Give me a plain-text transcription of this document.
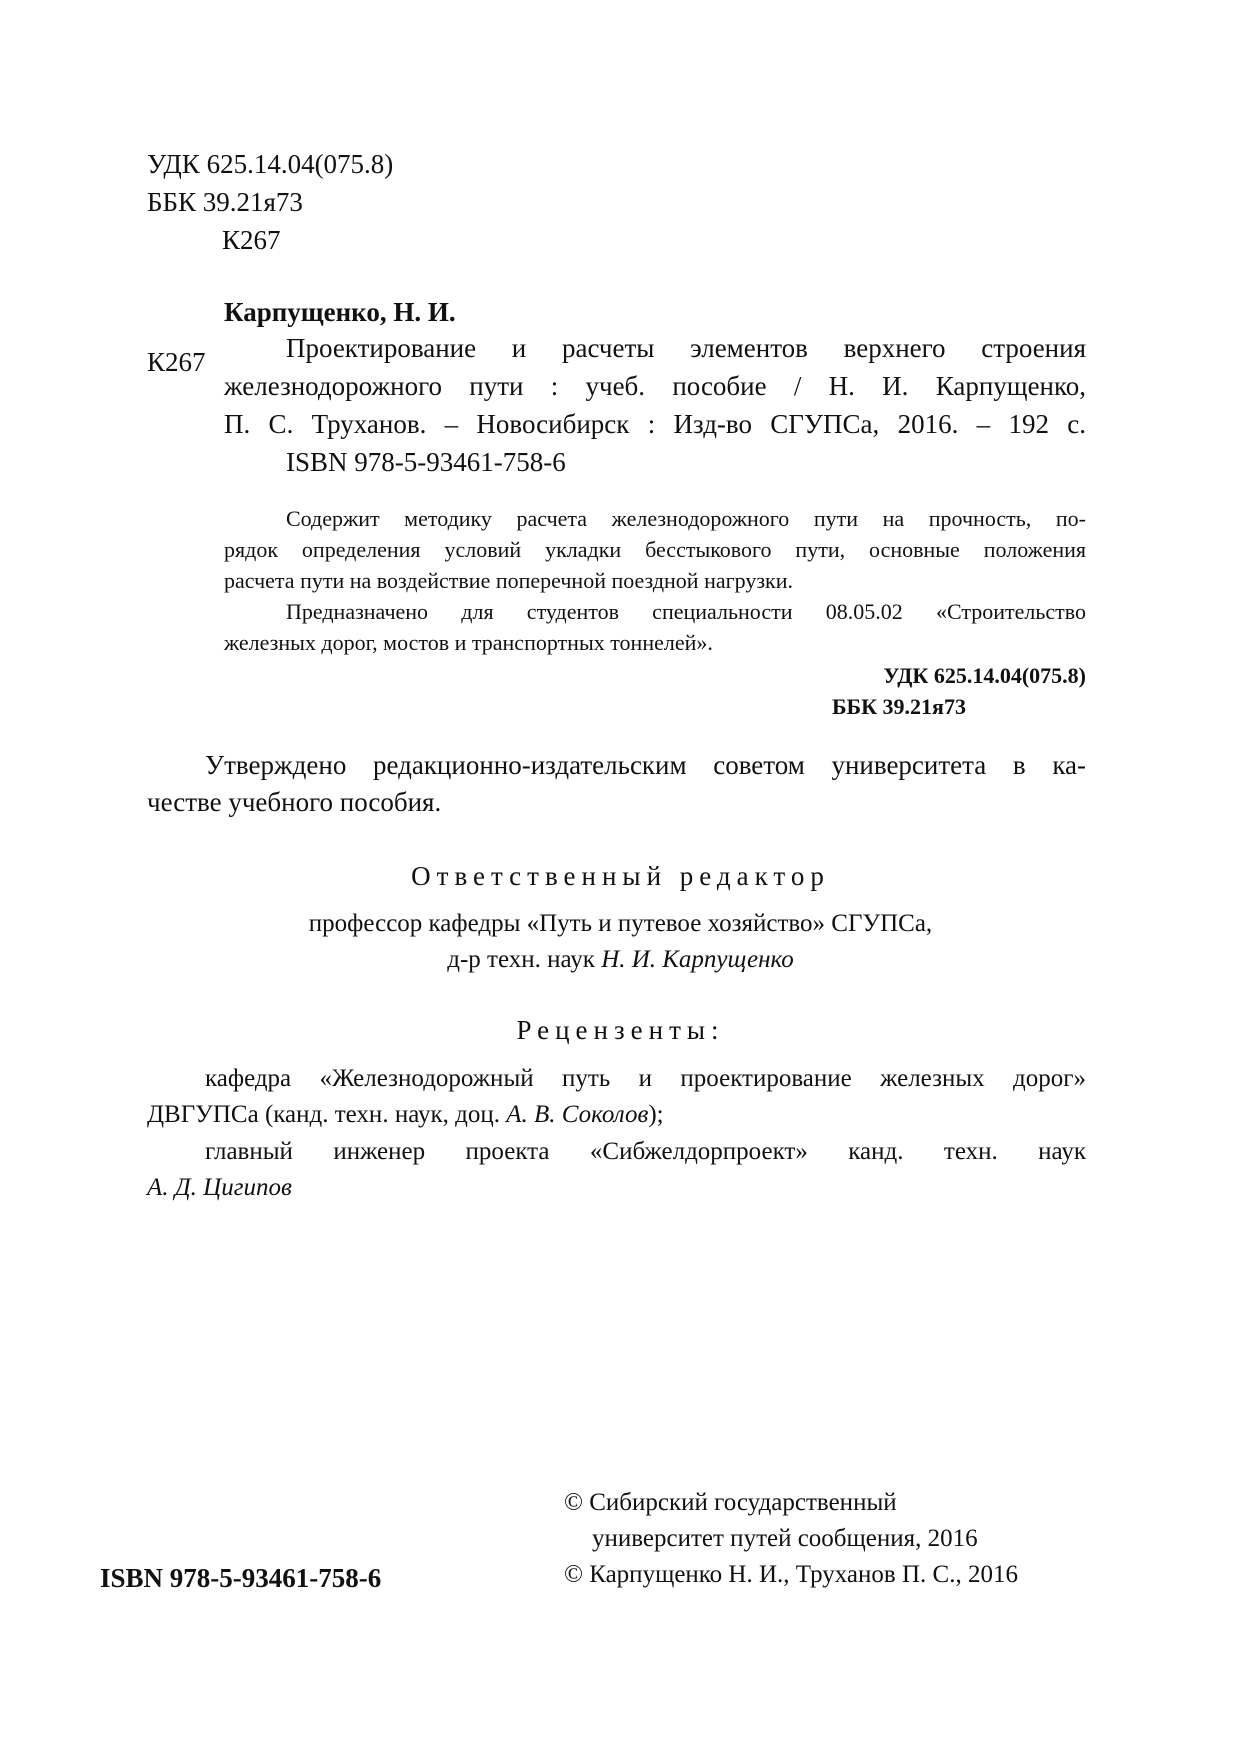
УДК 625.14.04(075.8)
ББК 39.21я73
К267
Карпущенко, Н. И.
К267	Проектирование и расчеты элементов верхнего строения
железнодорожного пути : учеб. пособие / Н. И. Карпущенко,
П. С. Труханов. – Новосибирск : Изд-во СГУПСа, 2016. – 192 с.
ISBN 978-5-93461-758-6
Содержит методику расчета железнодорожного пути на прочность, по-
рядок определения условий укладки бесстыкового пути, основные положения
расчета пути на воздействие поперечной поездной нагрузки.
Предназначено для студентов специальности 08.05.02 «Строительство
железных дорог, мостов и транспортных тоннелей».
УДК 625.14.04(075.8)
ББК 39.21я73
Утверждено редакционно-издательским советом университета в ка-
честве учебного пособия.
Ответственный редактор
профессор кафедры «Путь и путевое хозяйство» СГУПСа,
д-р техн. наук Н. И. Карпущенко
Рецензенты:
кафедра «Железнодорожный путь и проектирование железных дорог»
ДВГУПСа (канд. техн. наук, доц. А. В. Соколов);
главный инженер проекта «Сибжелдорпроект» канд. техн. наук
А. Д. Цигипов
ISBN 978-5-93461-758-6
© Сибирский государственный
университет путей сообщения, 2016
© Карпущенко Н. И., Труханов П. С., 2016
